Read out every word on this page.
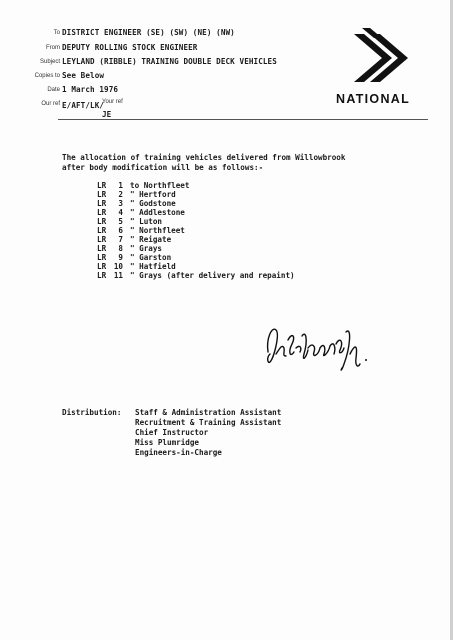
To DISTRICT ENGINEER (SE) (SW) (NE) (NW)
From DEPUTY ROLLING STOCK ENGINEER
Subject LEYLAND (RIBBLE) TRAINING DOUBLE DECK VEHICLES
Copies to See Below
Date 1 March 1976
Our ref E/AFT/LK/
Your ref
JE
NATIONAL
The allocation of training vehicles delivered from Willowbrook
after body modification will be as follows:-
LR	1 to Northfleet
LR	2 " Hertford
LR	3 " Godstone
LR	4 " Addlestone
LR	5 " Luton
LR	6 " Northfleet
LR	7 " Reigate
LR	8 " Grays
LR	9 " Garston
LR	10 " Hatfield
LR	11 " Grays (after delivery and repaint)
Distribution: Staff & Administration Assistant
Recruitment & Training Assistant
Chief Instructor
Miss Plumridge
Engineers-in-Charge
